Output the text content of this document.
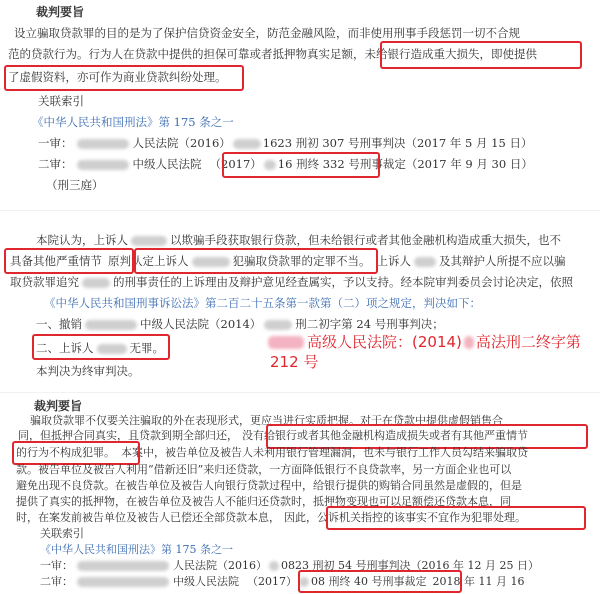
裁判要旨
设立骗取贷款罪的目的是为了保护信贷资金安全，防范金融风险，而非使用刑事手段惩罚一切不合规
范的贷款行为。行为人在贷款中提供的担保可靠或者抵押物真实足额，未给银行造成重大损失，即使提供
了虚假资料，亦可作为商业贷款纠纷处理。
关联索引
《中华人民共和国刑法》第 175 条之一
一审：	人民法院（2016）	1623 刑初 307 号刑事判决（2017 年 5 月 15 日）
二审：	中级人民法院 （2017） 16 刑终 332 号刑事裁定（2017 年 9 月 30 日）
（刑三庭）
本院认为，上诉人	以欺骗手段获取银行贷款，但未给银行或者其他金融机构造成重大损失，也不
具备其他严重情节 原判认定上诉人	犯骗取贷款罪的定罪不当。 上诉人 及其辩护人所提不应以骗
取贷款罪追究	的刑事责任的上诉理由及辩护意见经查属实，予以支持。经本院审判委员会讨论决定，依照
《中华人民共和国刑事诉讼法》第二百二十五条第一款第（二）项之规定，判决如下：
一、撤销	中级人民法院（2014）	刑二初字第 24 号刑事判决；
二、上诉人	无罪。
本判决为终审判决。
高级人民法院：(2014) 高法刑二终字第
212 号
裁判要旨
骗取贷款罪不仅要关注骗取的外在表现形式，更应当进行实质把握。对于在贷款中提供虚假销售合
同，但抵押合同真实，且贷款到期全部归还， 没有给银行或者其他金融机构造成损失或者有其他严重情节
的行为不构成犯罪。 本案中，被告单位及被告人未利用银行管理漏洞，也未与银行工作人员勾结来骗取贷
款。被告单位及被告人利用“借新还旧”来归还贷款，一方面降低银行不良贷款率，另一方面企业也可以
避免出现不良贷款。在被告单位及被告人向银行贷款过程中，给银行提供的购销合同虽然是虚假的，但是
提供了真实的抵押物，在被告单位及被告人不能归还贷款时，抵押物变现也可以足额偿还贷款本息，同
时，在案发前被告单位及被告人已偿还全部贷款本息， 因此，公诉机关指控的该事实不宜作为犯罪处理。
关联索引
《中华人民共和国刑法》第 175 条之一
一审：	人民法院（2016） 0823 刑初 54 号刑事判决（2016 年 12 月 25 日）
二审：	中级人民法院 （2017） 08 刑终 40 号刑事裁定 2018 年 11 月 16
